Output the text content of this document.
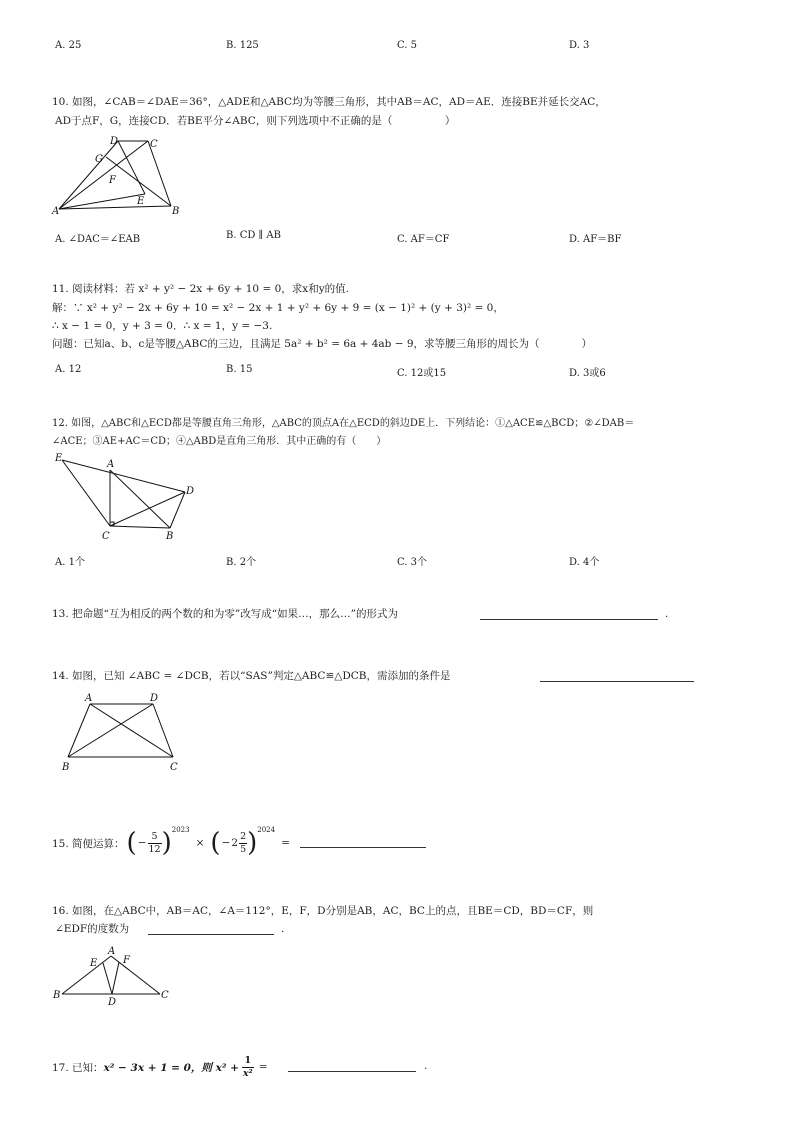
A. 25	B. 125	C. 5	D. 3
10. 如图，∠CAB＝∠DAE＝36°，△ADE和△ABC均为等腰三角形，其中AB＝AC，AD＝AE．连接BE并延长交AC，
AD于点F，G，连接CD．若BE平分∠ABC，则下列选项中不正确的是（　　　　　）
D	C
G
F
E
A	B
A. ∠DAC＝∠EAB	B. CD ∥ AB	C. AF＝CF	D. AF＝BF
11. 阅读材料：若 x² + y² − 2x + 6y + 10 = 0，求x和y的值.
解：∵ x² + y² − 2x + 6y + 10 = x² − 2x + 1 + y² + 6y + 9 = (x − 1)² + (y + 3)² = 0，
∴ x − 1 = 0，y + 3 = 0．∴ x = 1，y = −3.
问题：已知a、b、c是等腰△ABC的三边，且满足 5a² + b² = 6a + 4ab − 9，求等腰三角形的周长为（　　　　）
A. 12	B. 15	C. 12或15	D. 3或6
12. 如图，△ABC和△ECD都是等腰直角三角形，△ABC的顶点A在△ECD的斜边DE上．下列结论：①△ACE≌△BCD；②∠DAB＝
∠ACE；③AE+AC＝CD；④△ABD是直角三角形．其中正确的有（　　）
E
A
D
C	B
A. 1个	B. 2个	C. 3个	D. 4个
13. 把命题“互为相反的两个数的和为零”改写成“如果…，那么…”的形式为	.
14. 如图，已知 ∠ABC = ∠DCB，若以“SAS”判定△ABC≌△DCB，需添加的条件是
A	D
B	C
15. 简便运算： ( − $\frac{5}{12} )^{2023}$
× ( − $2 \frac{2}{5} )^{2024}$
=
16. 如图，在△ABC中，AB＝AC，∠A＝112°，E，F，D分别是AB，AC，BC上的点，且BE＝CD，BD＝CF，则
∠EDF的度数为	.
A
E	F
B
D
C
17. 已知： x² − 3x + 1 = 0，则 $x^2 + \frac{1}{\text{x²}}$ =	.
